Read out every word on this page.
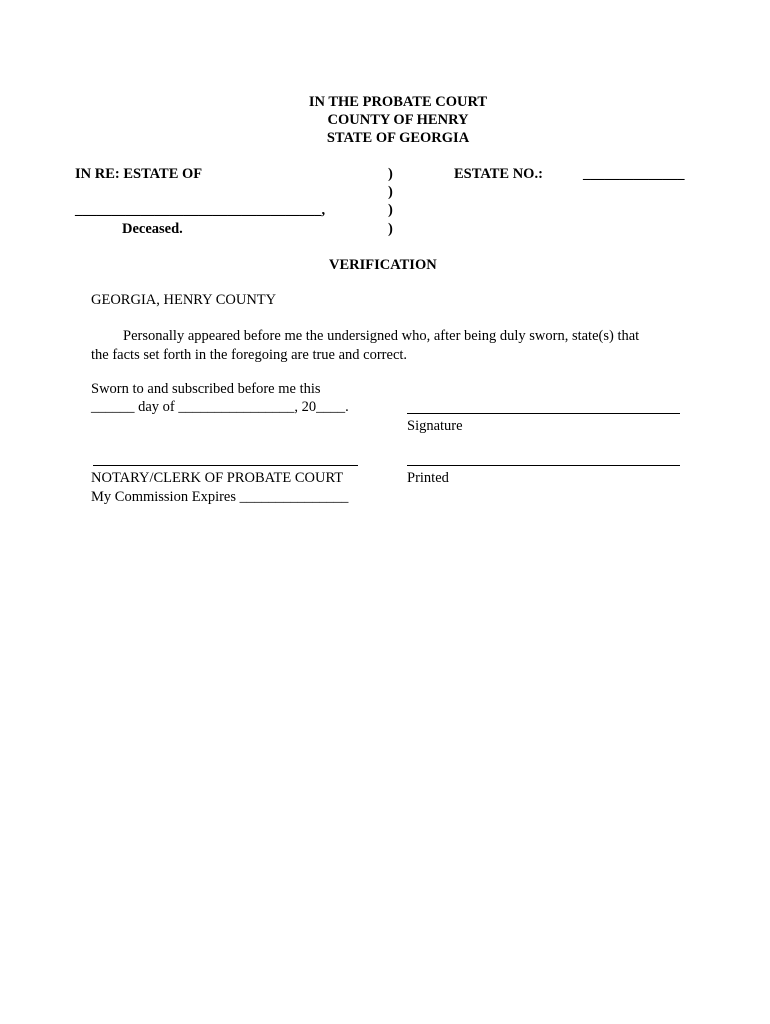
IN THE PROBATE COURT
COUNTY OF HENRY
STATE OF GEORGIA
IN RE: ESTATE OF
__________________________________,
Deceased.
)
)
)
)
ESTATE NO.:	______________
VERIFICATION
GEORGIA, HENRY COUNTY
Personally appeared before me the undersigned who, after being duly sworn, state(s) that
the facts set forth in the foregoing are true and correct.
Sworn to and subscribed before me this
______ day of ________________, 20____.
Signature
NOTARY/CLERK OF PROBATE COURT	Printed
My Commission Expires _______________
